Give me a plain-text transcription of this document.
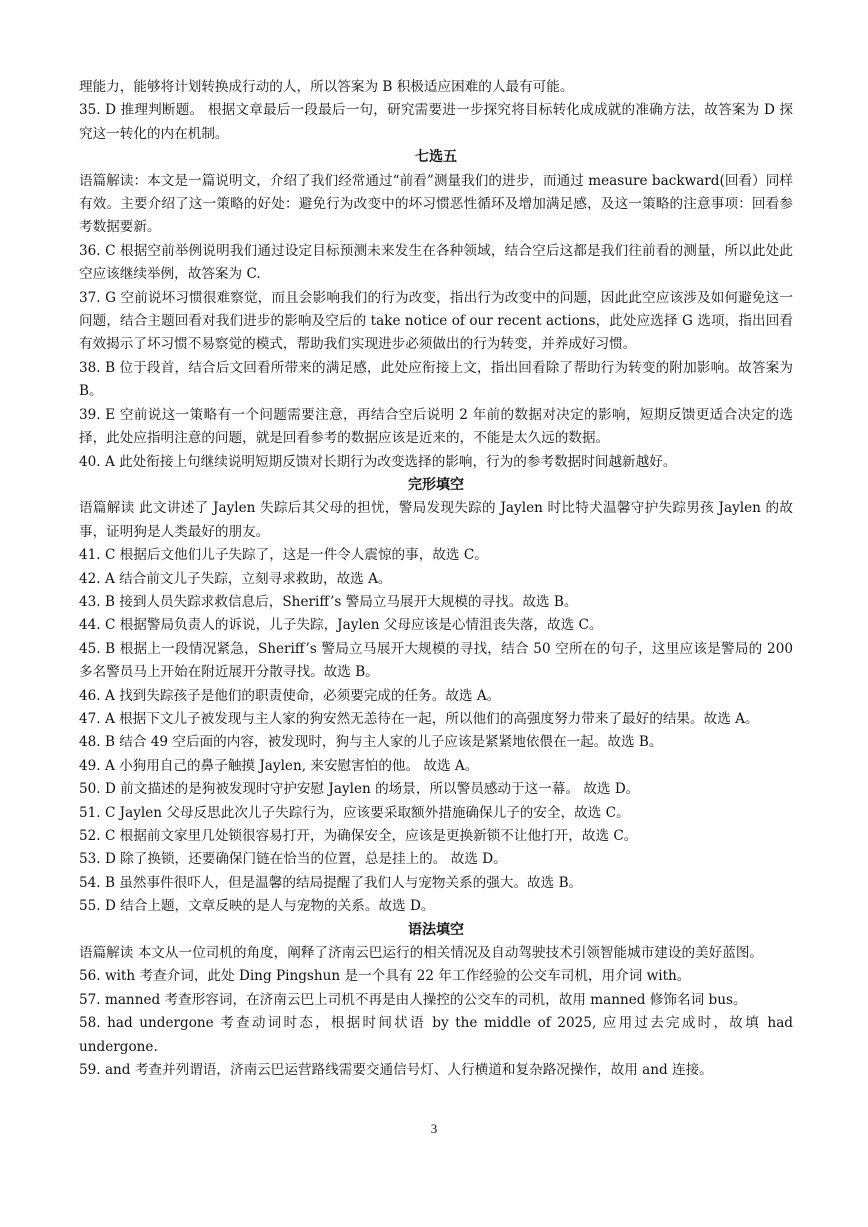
理能力，能够将计划转换成行动的人，所以答案为 B 积极适应困难的人最有可能。

35. D 推理判断题。 根据文章最后一段最后一句，研究需要进一步探究将目标转化成成就的准确方法，故答案为 D 探究这一转化的内在机制。

七选五

语篇解读：本文是一篇说明文，介绍了我们经常通过“前看”测量我们的进步，而通过 measure backward(回看）同样有效。主要介绍了这一策略的好处：避免行为改变中的坏习惯恶性循环及增加满足感，及这一策略的注意事项：回看参考数据要新。

36. C 根据空前举例说明我们通过设定目标预测未来发生在各种领域，结合空后这都是我们往前看的测量，所以此处此空应该继续举例，故答案为 C.

37. G 空前说坏习惯很难察觉，而且会影响我们的行为改变，指出行为改变中的问题，因此此空应该涉及如何避免这一问题，结合主题回看对我们进步的影响及空后的 take notice of our recent actions，此处应选择 G 选项，指出回看有效揭示了坏习惯不易察觉的模式，帮助我们实现进步必须做出的行为转变，并养成好习惯。

38. B 位于段首，结合后文回看所带来的满足感，此处应衔接上文，指出回看除了帮助行为转变的附加影响。故答案为 B。

39. E 空前说这一策略有一个问题需要注意，再结合空后说明 2 年前的数据对决定的影响，短期反馈更适合决定的选择，此处应指明注意的问题，就是回看参考的数据应该是近来的，不能是太久远的数据。

40. A 此处衔接上句继续说明短期反馈对长期行为改变选择的影响，行为的参考数据时间越新越好。

完形填空

语篇解读 此文讲述了 Jaylen 失踪后其父母的担忧，警局发现失踪的 Jaylen 时比特犬温馨守护失踪男孩 Jaylen 的故事，证明狗是人类最好的朋友。

41. C 根据后文他们儿子失踪了，这是一件令人震惊的事，故选 C。

42. A 结合前文儿子失踪，立刻寻求救助，故选 A。

43. B 接到人员失踪求救信息后，Sheriff’s 警局立马展开大规模的寻找。故选 B。

44. C 根据警局负责人的诉说，儿子失踪，Jaylen 父母应该是心情沮丧失落，故选 C。

45. B 根据上一段情况紧急，Sheriff’s 警局立马展开大规模的寻找，结合 50 空所在的句子，这里应该是警局的 200 多名警员马上开始在附近展开分散寻找。故选 B。

46. A 找到失踪孩子是他们的职责使命，必须要完成的任务。故选 A。

47. A 根据下文儿子被发现与主人家的狗安然无恙待在一起，所以他们的高强度努力带来了最好的结果。故选 A。

48. B 结合 49 空后面的内容，被发现时，狗与主人家的儿子应该是紧紧地依偎在一起。故选 B。

49. A 小狗用自己的鼻子触摸 Jaylen, 来安慰害怕的他。 故选 A。

50. D 前文描述的是狗被发现时守护安慰 Jaylen 的场景，所以警员感动于这一幕。 故选 D。

51. C Jaylen 父母反思此次儿子失踪行为，应该要采取额外措施确保儿子的安全，故选 C。

52. C 根据前文家里几处锁很容易打开，为确保安全，应该是更换新锁不让他打开，故选 C。

53. D 除了换锁，还要确保门链在恰当的位置，总是挂上的。 故选 D。

54. B 虽然事件很吓人，但是温馨的结局提醒了我们人与宠物关系的强大。故选 B。

55. D 结合上题，文章反映的是人与宠物的关系。故选 D。

语法填空

语篇解读 本文从一位司机的角度，阐释了济南云巴运行的相关情况及自动驾驶技术引领智能城市建设的美好蓝图。

56. with 考查介词，此处 Ding Pingshun 是一个具有 22 年工作经验的公交车司机，用介词 with。

57. manned 考查形容词，在济南云巴上司机不再是由人操控的公交车的司机，故用 manned 修饰名词 bus。

58. had undergone 考查动词时态，根据时间状语 by the middle of 2025, 应用过去完成时，故填 had undergone.

59. and 考查并列谓语，济南云巴运营路线需要交通信号灯、人行横道和复杂路况操作，故用 and 连接。

3
